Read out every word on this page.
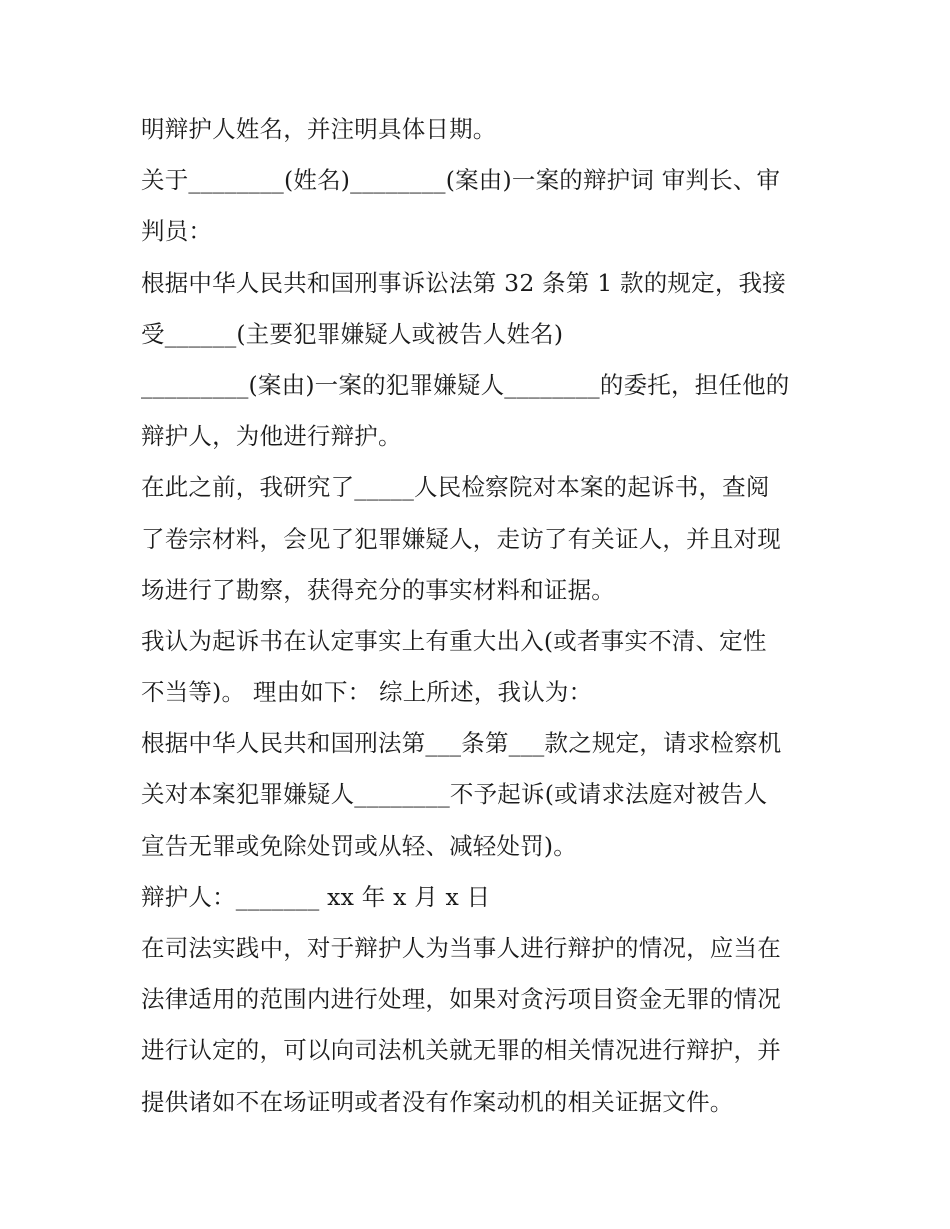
明辩护人姓名，并注明具体日期。
关于________(姓名)________(案由)一案的辩护词 审判长、审
判员：
根据中华人民共和国刑事诉讼法第 32 条第 1 款的规定，我接
受______(主要犯罪嫌疑人或被告人姓名)
_________(案由)一案的犯罪嫌疑人________的委托，担任他的
辩护人，为他进行辩护。
在此之前，我研究了_____人民检察院对本案的起诉书，查阅
了卷宗材料，会见了犯罪嫌疑人，走访了有关证人，并且对现
场进行了勘察，获得充分的事实材料和证据。
我认为起诉书在认定事实上有重大出入(或者事实不清、定性
不当等)。 理由如下： 综上所述，我认为：
根据中华人民共和国刑法第___条第___款之规定，请求检察机
关对本案犯罪嫌疑人________不予起诉(或请求法庭对被告人
宣告无罪或免除处罚或从轻、减轻处罚)。
辩护人：_______ xx 年 x 月 x 日
在司法实践中，对于辩护人为当事人进行辩护的情况，应当在
法律适用的范围内进行处理，如果对贪污项目资金无罪的情况
进行认定的，可以向司法机关就无罪的相关情况进行辩护，并
提供诸如不在场证明或者没有作案动机的相关证据文件。
